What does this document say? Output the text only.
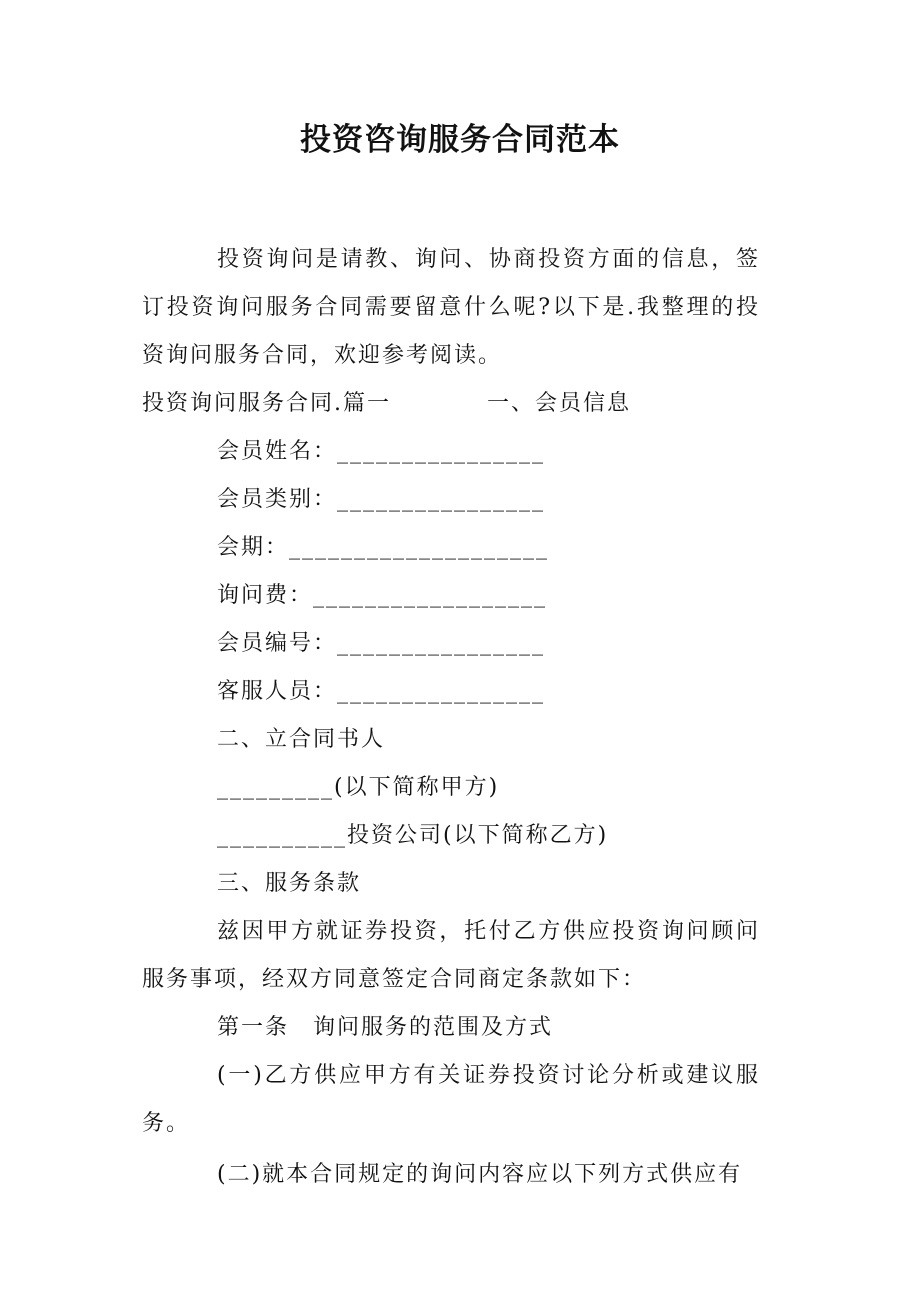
投资咨询服务合同范本

投资询问是请教、询问、协商投资方面的信息，签订投资询问服务合同需要留意什么呢?以下是.我整理的投资询问服务合同，欢迎参考阅读。

投资询问服务合同.篇一　　　　一、会员信息

会员姓名：________________

会员类别：________________

会期：____________________

询问费：__________________

会员编号：________________

客服人员：________________

二、立合同书人

_________(以下简称甲方)

__________投资公司(以下简称乙方)

三、服务条款

兹因甲方就证券投资，托付乙方供应投资询问顾问服务事项，经双方同意签定合同商定条款如下：

第一条　询问服务的范围及方式

(一)乙方供应甲方有关证券投资讨论分析或建议服务。

(二)就本合同规定的询问内容应以下列方式供应有
